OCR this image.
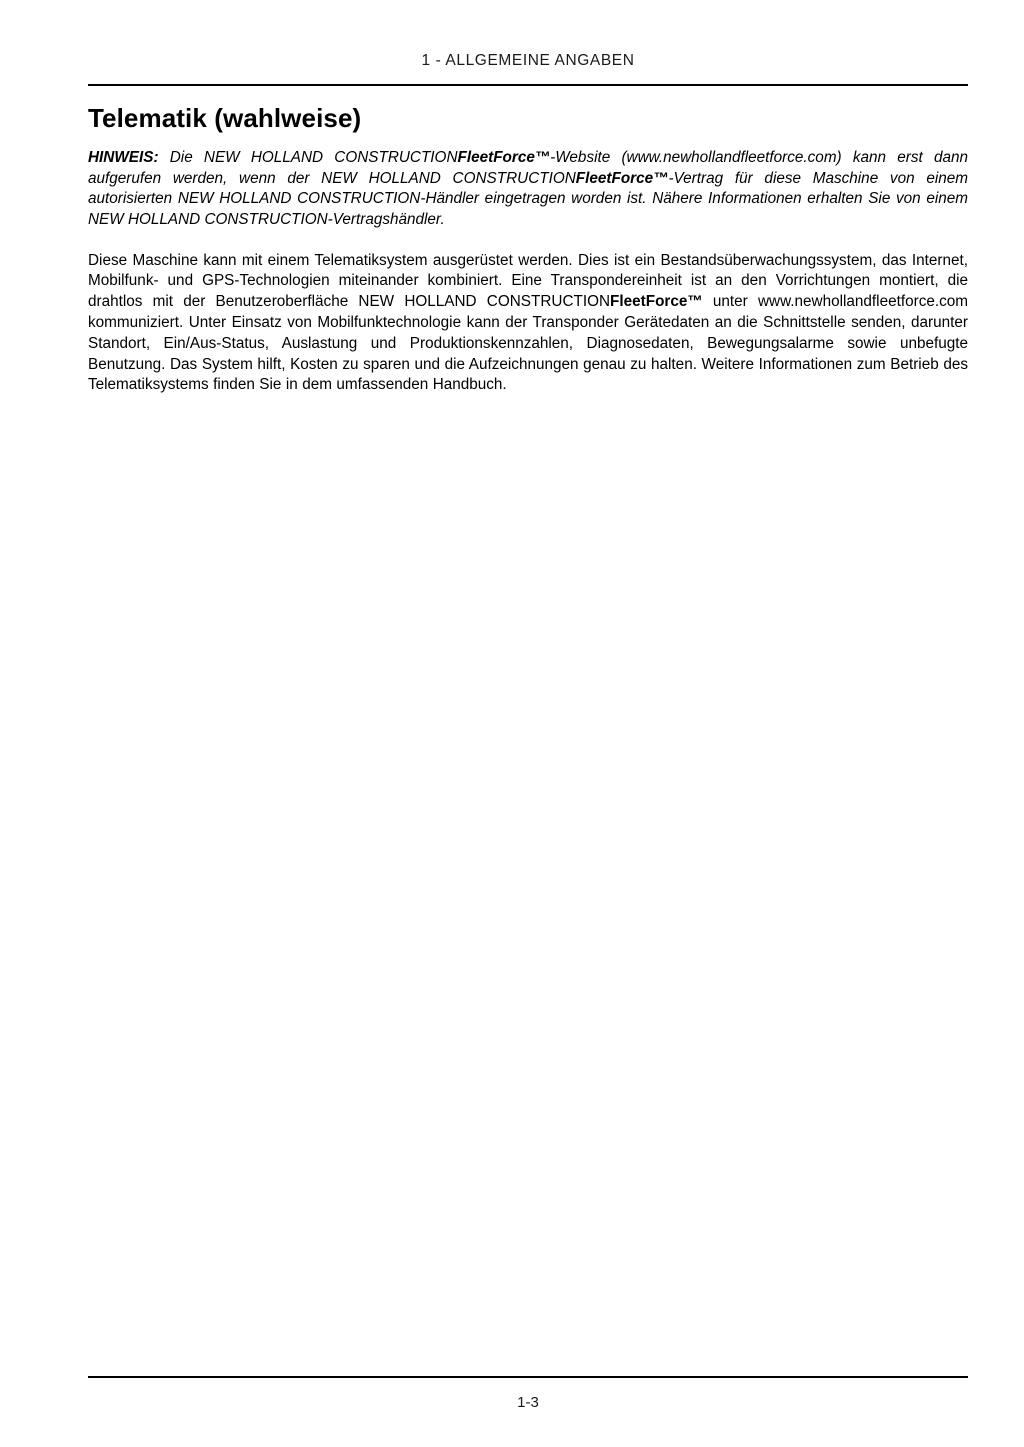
1 - ALLGEMEINE ANGABEN
Telematik (wahlweise)
HINWEIS: Die NEW HOLLAND CONSTRUCTIONFleetForce™-Website (www.newhollandfleetforce.com) kann erst dann aufgerufen werden, wenn der NEW HOLLAND CONSTRUCTIONFleetForce™-Vertrag für diese Maschine von einem autorisierten NEW HOLLAND CONSTRUCTION-Händler eingetragen worden ist. Nähere Informationen erhalten Sie von einem NEW HOLLAND CONSTRUCTION-Vertragshändler.

Diese Maschine kann mit einem Telematiksystem ausgerüstet werden. Dies ist ein Bestandsüberwachungssystem, das Internet, Mobilfunk- und GPS-Technologien miteinander kombiniert. Eine Transpondereinheit ist an den Vorrichtungen montiert, die drahtlos mit der Benutzeroberfläche NEW HOLLAND CONSTRUCTIONFleetForce™ unter www.newhollandfleetforce.com kommuniziert. Unter Einsatz von Mobilfunktechnologie kann der Transponder Gerätedaten an die Schnittstelle senden, darunter Standort, Ein/Aus-Status, Auslastung und Produktionskennzahlen, Diagnosedaten, Bewegungsalarme sowie unbefugte Benutzung. Das System hilft, Kosten zu sparen und die Aufzeichnungen genau zu halten. Weitere Informationen zum Betrieb des Telematiksystems finden Sie in dem umfassenden Handbuch.

1-3
